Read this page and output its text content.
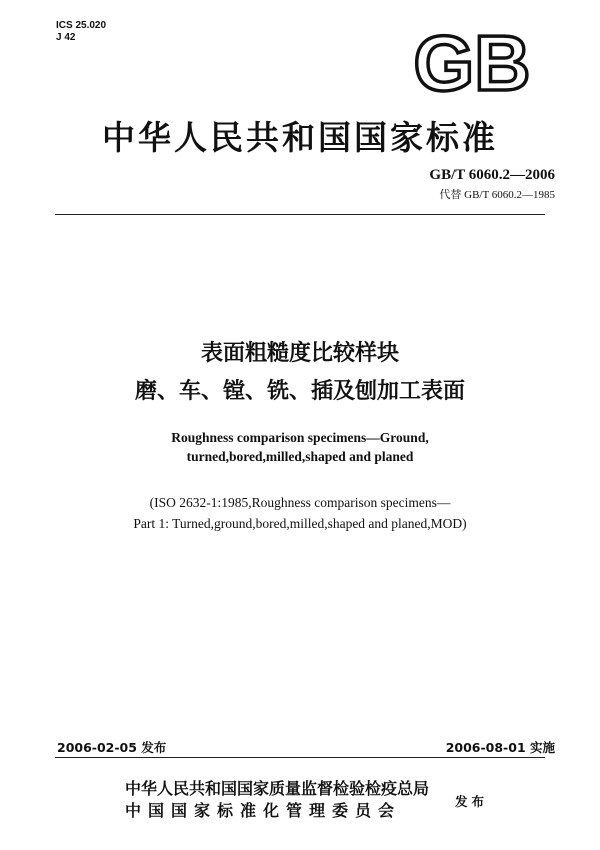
ICS 25.020
J 42	GB
中华人民共和国国家标准
GB/T 6060.2—2006
代替 GB/T 6060.2—1985
表面粗糙度比较样块
磨、车、镗、铣、插及刨加工表面
Roughness comparison specimens—Ground,
turned,bored,milled,shaped and planed
(ISO 2632-1:1985,Roughness comparison specimens—
Part 1: Turned,ground,bored,milled,shaped and planed,MOD)
2006-02-05 发布	2006-08-01 实施
中华人民共和国国家质量监督检验检疫总局
中国国家标准化管理委员会	发布
